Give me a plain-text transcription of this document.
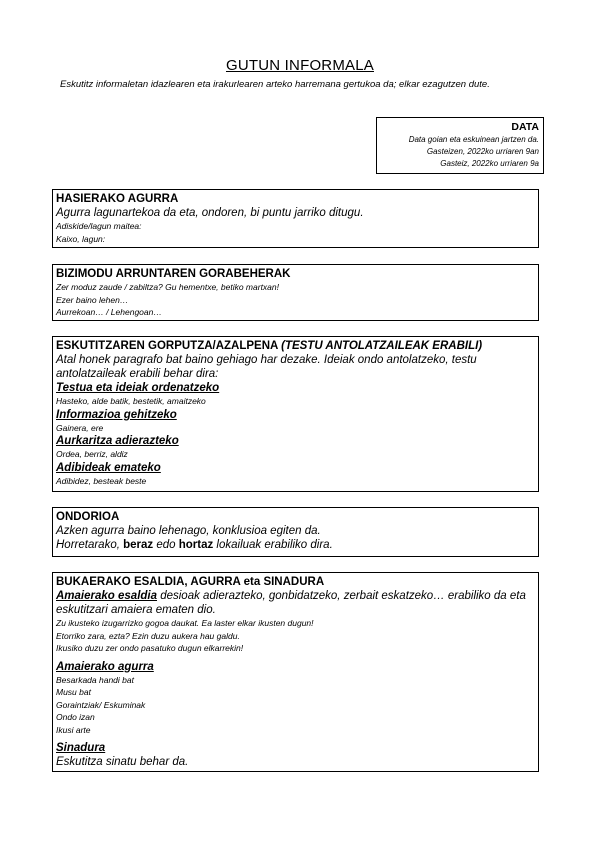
GUTUN INFORMALA
Eskutitz informaletan idazlearen eta irakurlearen arteko harremana gertukoa da; elkar ezagutzen dute.
DATA
Data goian eta eskuinean jartzen da.
Gasteizen, 2022ko urriaren 9an
Gasteiz, 2022ko urriaren 9a
HASIERAKO AGURRA
Agurra lagunartekoa da eta, ondoren, bi puntu jarriko ditugu.
Adiskide/lagun maitea:
Kaixo, lagun:
BIZIMODU ARRUNTAREN GORABEHERAK
Zer moduz zaude / zabiltza? Gu hementxe, betiko martxan!
Ezer baino lehen…
Aurrekoan… / Lehengoan…
ESKUTITZAREN GORPUTZA/AZALPENA (TESTU ANTOLATZAILEAK ERABILI)
Atal honek paragrafo bat baino gehiago har dezake. Ideiak ondo antolatzeko, testu antolatzaileak erabili behar dira:
Testua eta ideiak ordenatzeko
Hasteko, alde batik, bestetik, amaitzeko
Informazioa gehitzeko
Gainera, ere
Aurkaritza adierazteko
Ordea, berriz, aldiz
Adibideak emateko
Adibidez, besteak beste
ONDORIOA
Azken agurra baino lehenago, konklusioa egiten da.
Horretarako, beraz edo hortaz lokailuak erabiliko dira.
BUKAERAKO ESALDIA, AGURRA eta SINADURA
Amaierako esaldia desioak adierazteko, gonbidatzeko, zerbait eskatzeko… erabiliko da eta eskutitzari amaiera ematen dio.
Zu ikusteko izugarrizko gogoa daukat. Ea laster elkar ikusten dugun!
Etorriko zara, ezta? Ezin duzu aukera hau galdu.
Ikusiko duzu zer ondo pasatuko dugun elkarrekin!
Amaierako agurra
Besarkada handi bat
Musu bat
Goraintziak/ Eskuminak
Ondo izan
Ikusi arte
Sinadura
Eskutitza sinatu behar da.
